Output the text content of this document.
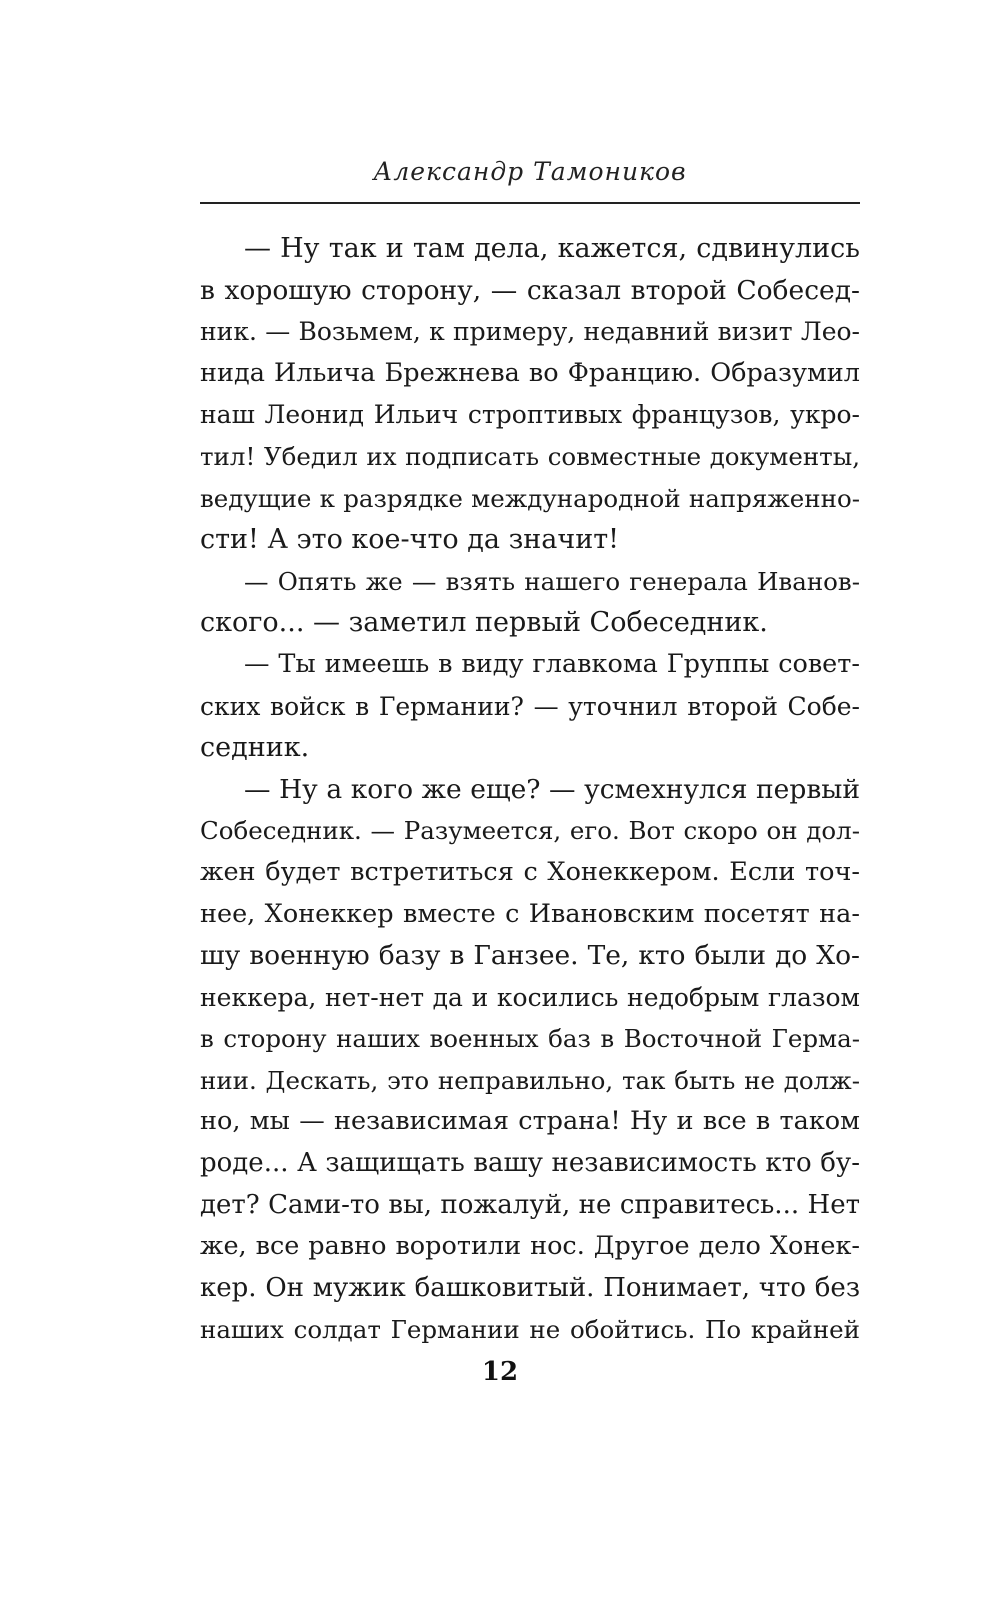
Александр Тамоников
— Ну так и там дела, кажется, сдвинулись
в хорошую сторону, — сказал второй Собесед-
ник. — Возьмем, к примеру, недавний визит Лео-
нида Ильича Брежнева во Францию. Образумил
наш Леонид Ильич строптивых французов, укро-
тил! Убедил их подписать совместные документы,
ведущие к разрядке международной напряженно-
сти! А это кое-что да значит!
— Опять же — взять нашего генерала Иванов-
ского... — заметил первый Собеседник.
— Ты имеешь в виду главкома Группы совет-
ских войск в Германии? — уточнил второй Собе-
седник.
— Ну а кого же еще? — усмехнулся первый
Собеседник. — Разумеется, его. Вот скоро он дол-
жен будет встретиться с Хонеккером. Если точ-
нее, Хонеккер вместе с Ивановским посетят на-
шу военную базу в Ганзее. Те, кто были до Хо-
неккера, нет-нет да и косились недобрым глазом
в сторону наших военных баз в Восточной Герма-
нии. Дескать, это неправильно, так быть не долж-
но, мы — независимая страна! Ну и все в таком
роде... А защищать вашу независимость кто бу-
дет? Сами-то вы, пожалуй, не справитесь... Нет
же, все равно воротили нос. Другое дело Хонек-
кер. Он мужик башковитый. Понимает, что без
наших солдат Германии не обойтись. По крайней
12
